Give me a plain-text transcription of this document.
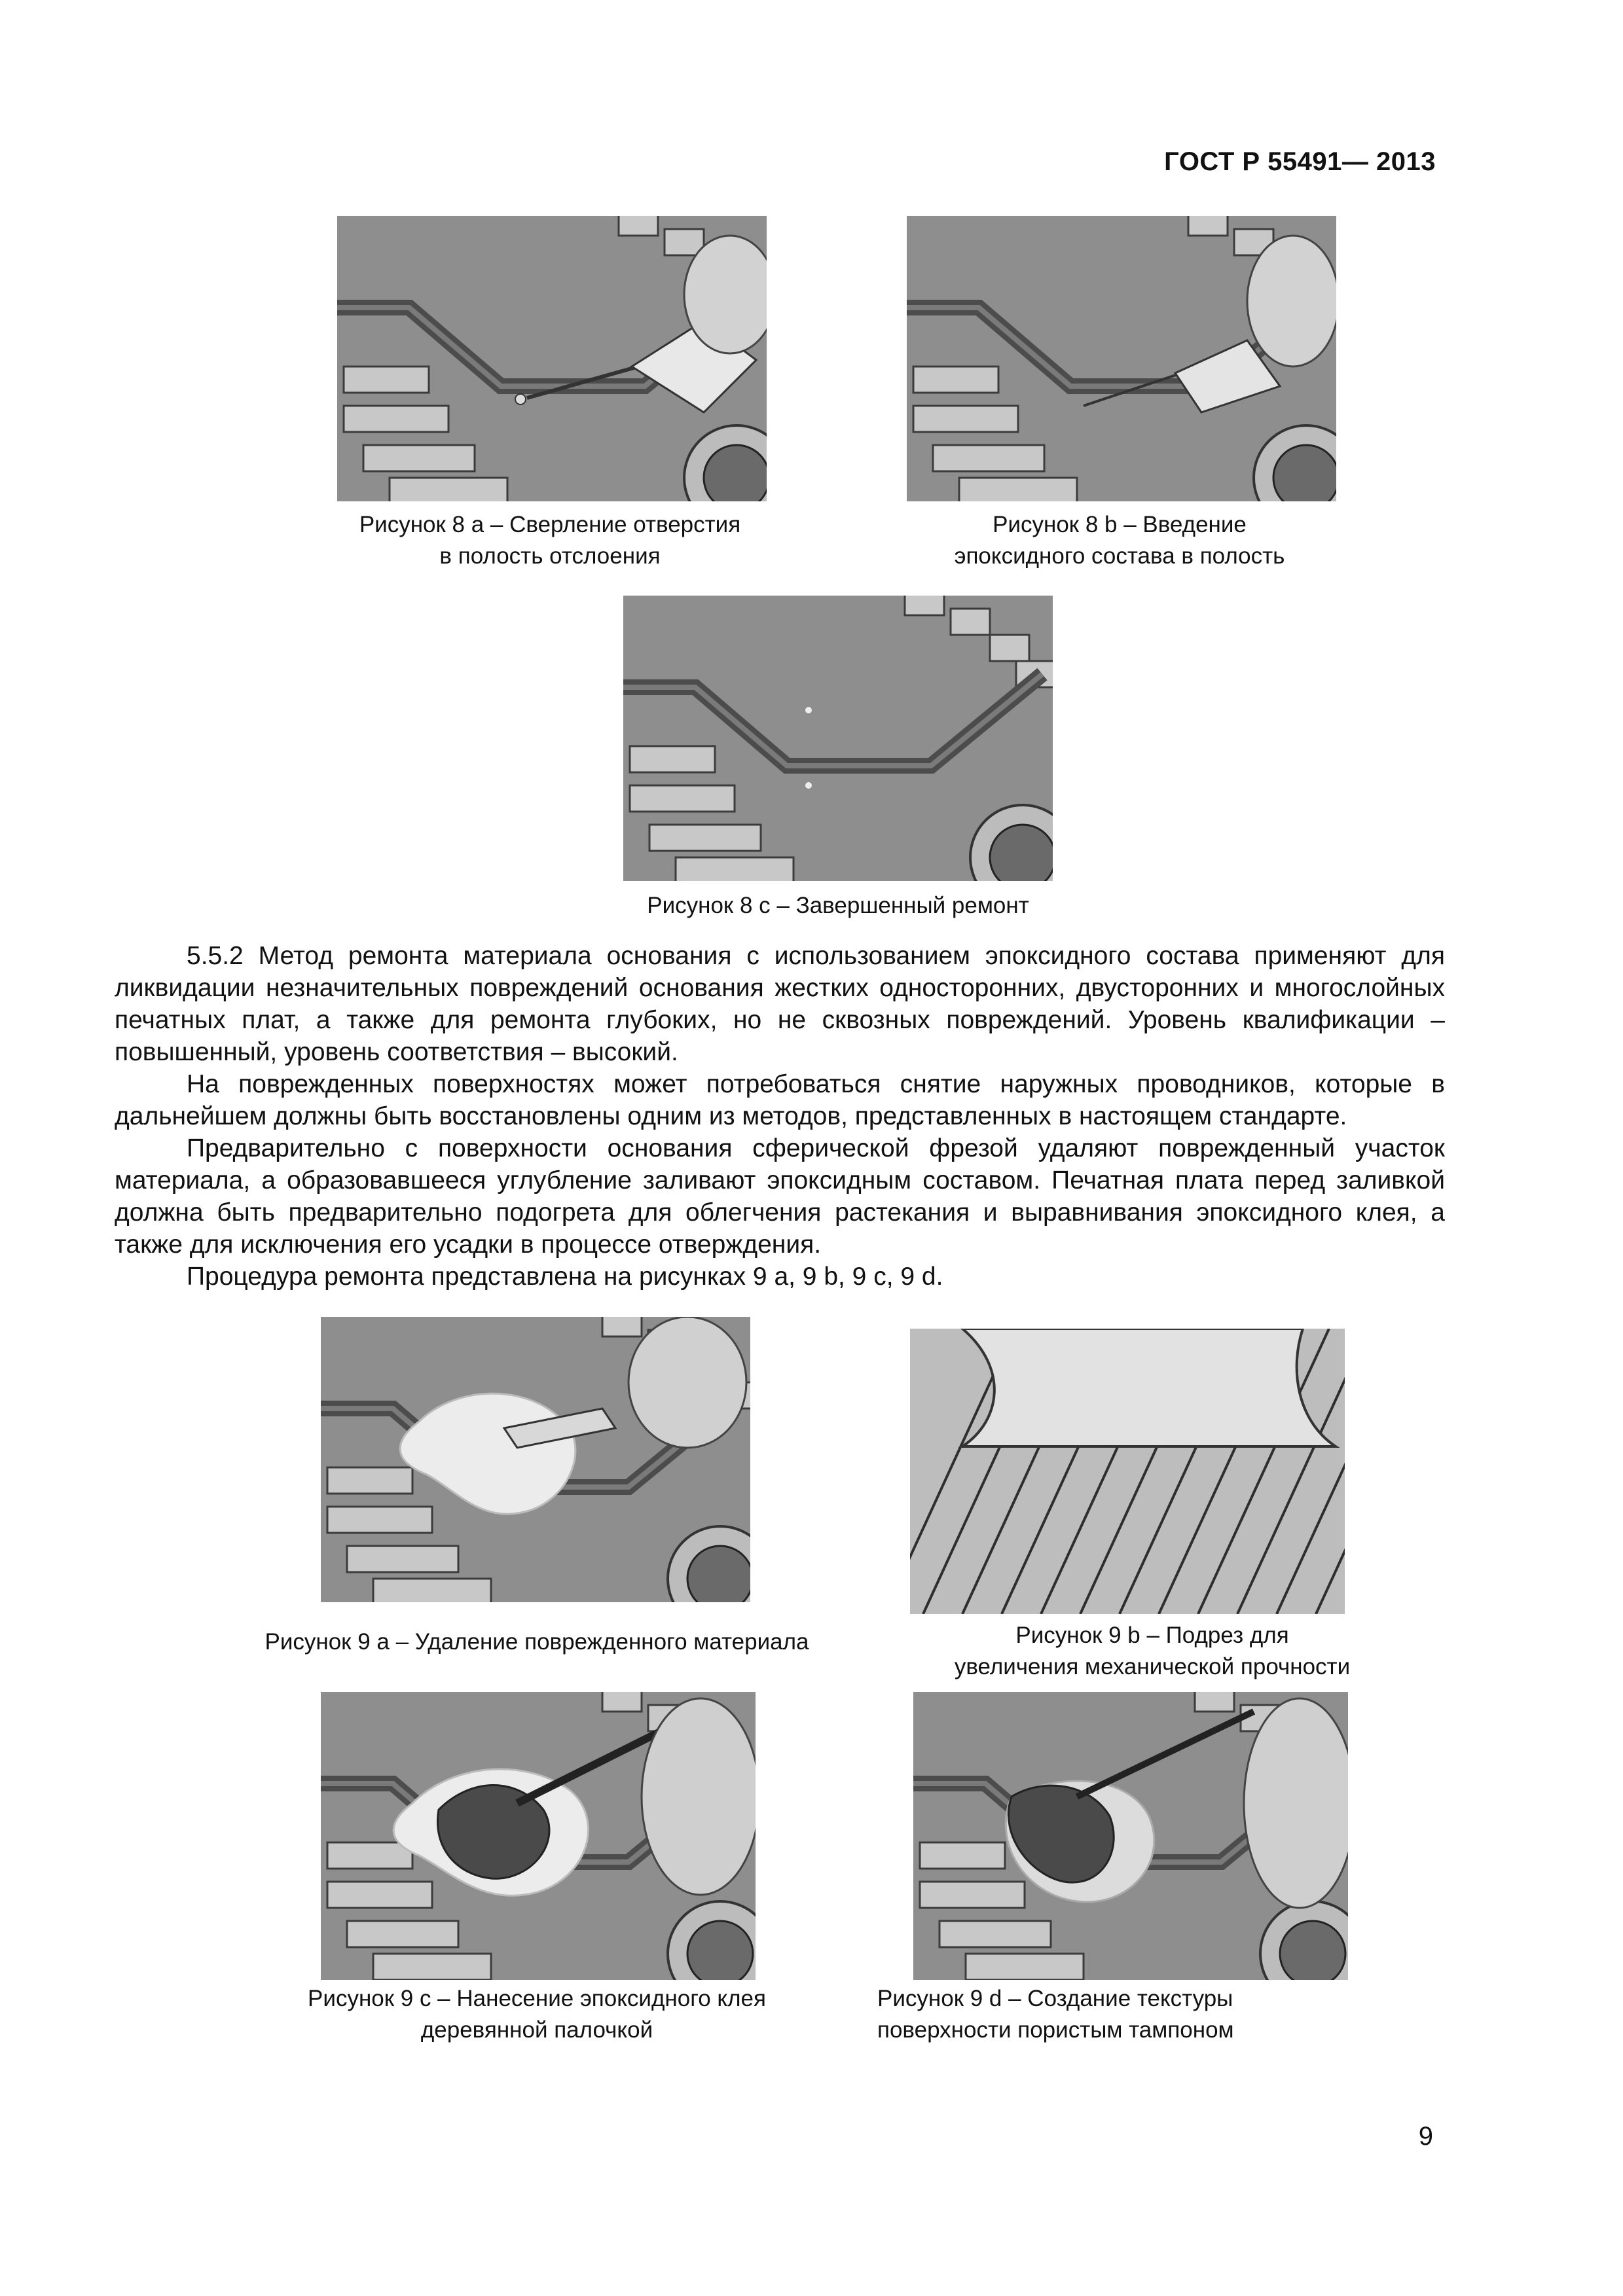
ГОСТ Р 55491— 2013
Рисунок 8 a – Сверление отверстия
в полость отслоения
Рисунок 8 b – Введение
эпоксидного состава в полость
Рисунок 8 c – Завершенный ремонт

5.5.2 Метод ремонта материала основания с использованием эпоксидного состава применяют для ликвидации незначительных повреждений основания жестких односторонних, двусторонних и многослойных печатных плат, а также для ремонта глубоких, но не сквозных повреждений. Уровень квалификации – повышенный, уровень соответствия – высокий.

На поврежденных поверхностях может потребоваться снятие наружных проводников, которые в дальнейшем должны быть восстановлены одним из методов, представленных в настоящем стандарте.

Предварительно с поверхности основания сферической фрезой удаляют поврежденный участок материала, а образовавшееся углубление заливают эпоксидным составом. Печатная плата перед заливкой должна быть предварительно подогрета для облегчения растекания и выравнивания эпоксидного клея, а также для исключения его усадки в процессе отверждения.

Процедура ремонта представлена на рисунках 9 a, 9 b, 9 c, 9 d.

Рисунок 9 a – Удаление поврежденного материала	Рисунок 9 b – Подрез для
увеличения механической прочности
Рисунок 9 c – Нанесение эпоксидного клея
деревянной палочкой
Рисунок 9 d – Создание текстуры
поверхности пористым тампоном
9
